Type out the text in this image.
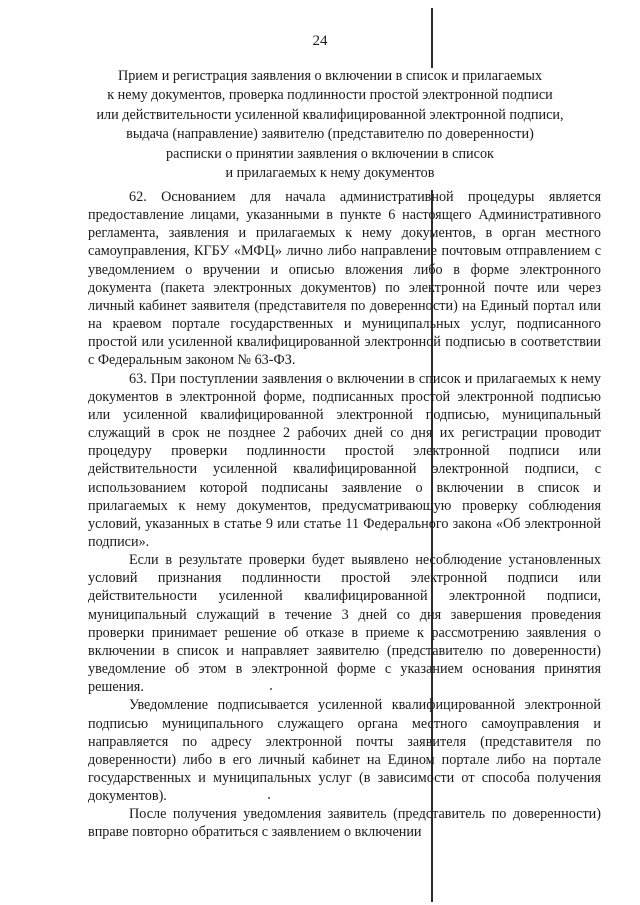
24
Прием и регистрация заявления о включении в список и прилагаемых
к нему документов, проверка подлинности простой электронной подписи
или действительности усиленной квалифицированной электронной подписи,
выдача (направление) заявителю (представителю по доверенности)
расписки о принятии заявления о включении в список
и прилагаемых к нему документов

62. Основанием для начала административной процедуры является предоставление лицами, указанными в пункте 6 настоящего Административного регламента, заявления и прилагаемых к нему документов, в орган местного самоуправления, КГБУ «МФЦ» лично либо направление почтовым отправлением с уведомлением о вручении и описью вложения либо в форме электронного документа (пакета электронных документов) по электронной почте или через личный кабинет заявителя (представителя по доверенности) на Единый портал или на краевом портале государственных и муниципальных услуг, подписанного простой или усиленной квалифицированной электронной подписью в соответствии с Федеральным законом № 63-ФЗ.

63. При поступлении заявления о включении в список и прилагаемых к нему документов в электронной форме, подписанных простой электронной подписью или усиленной квалифицированной электронной подписью, муниципальный служащий в срок не позднее 2 рабочих дней со дня их регистрации проводит процедуру проверки подлинности простой электронной подписи или действительности усиленной квалифицированной электронной подписи, с использованием которой подписаны заявление о включении в список и прилагаемых к нему документов, предусматривающую проверку соблюдения условий, указанных в статье 9 или статье 11 Федерального закона «Об электронной подписи».

Если в результате проверки будет выявлено несоблюдение установленных условий признания подлинности простой электронной подписи или действительности усиленной квалифицированной электронной подписи, муниципальный служащий в течение 3 дней со дня завершения проведения проверки принимает решение об отказе в приеме к рассмотрению заявления о включении в список и направляет заявителю (представителю по доверенности) уведомление об этом в электронной форме с указанием основания принятия решения.

Уведомление подписывается усиленной квалифицированной электронной подписью муниципального служащего органа местного самоуправления и направляется по адресу электронной почты заявителя (представителя по доверенности) либо в его личный кабинет на Едином портале либо на портале государственных и муниципальных услуг (в зависимости от способа получения документов).

После получения уведомления заявитель (представитель по доверенности) вправе повторно обратиться с заявлением о включении
